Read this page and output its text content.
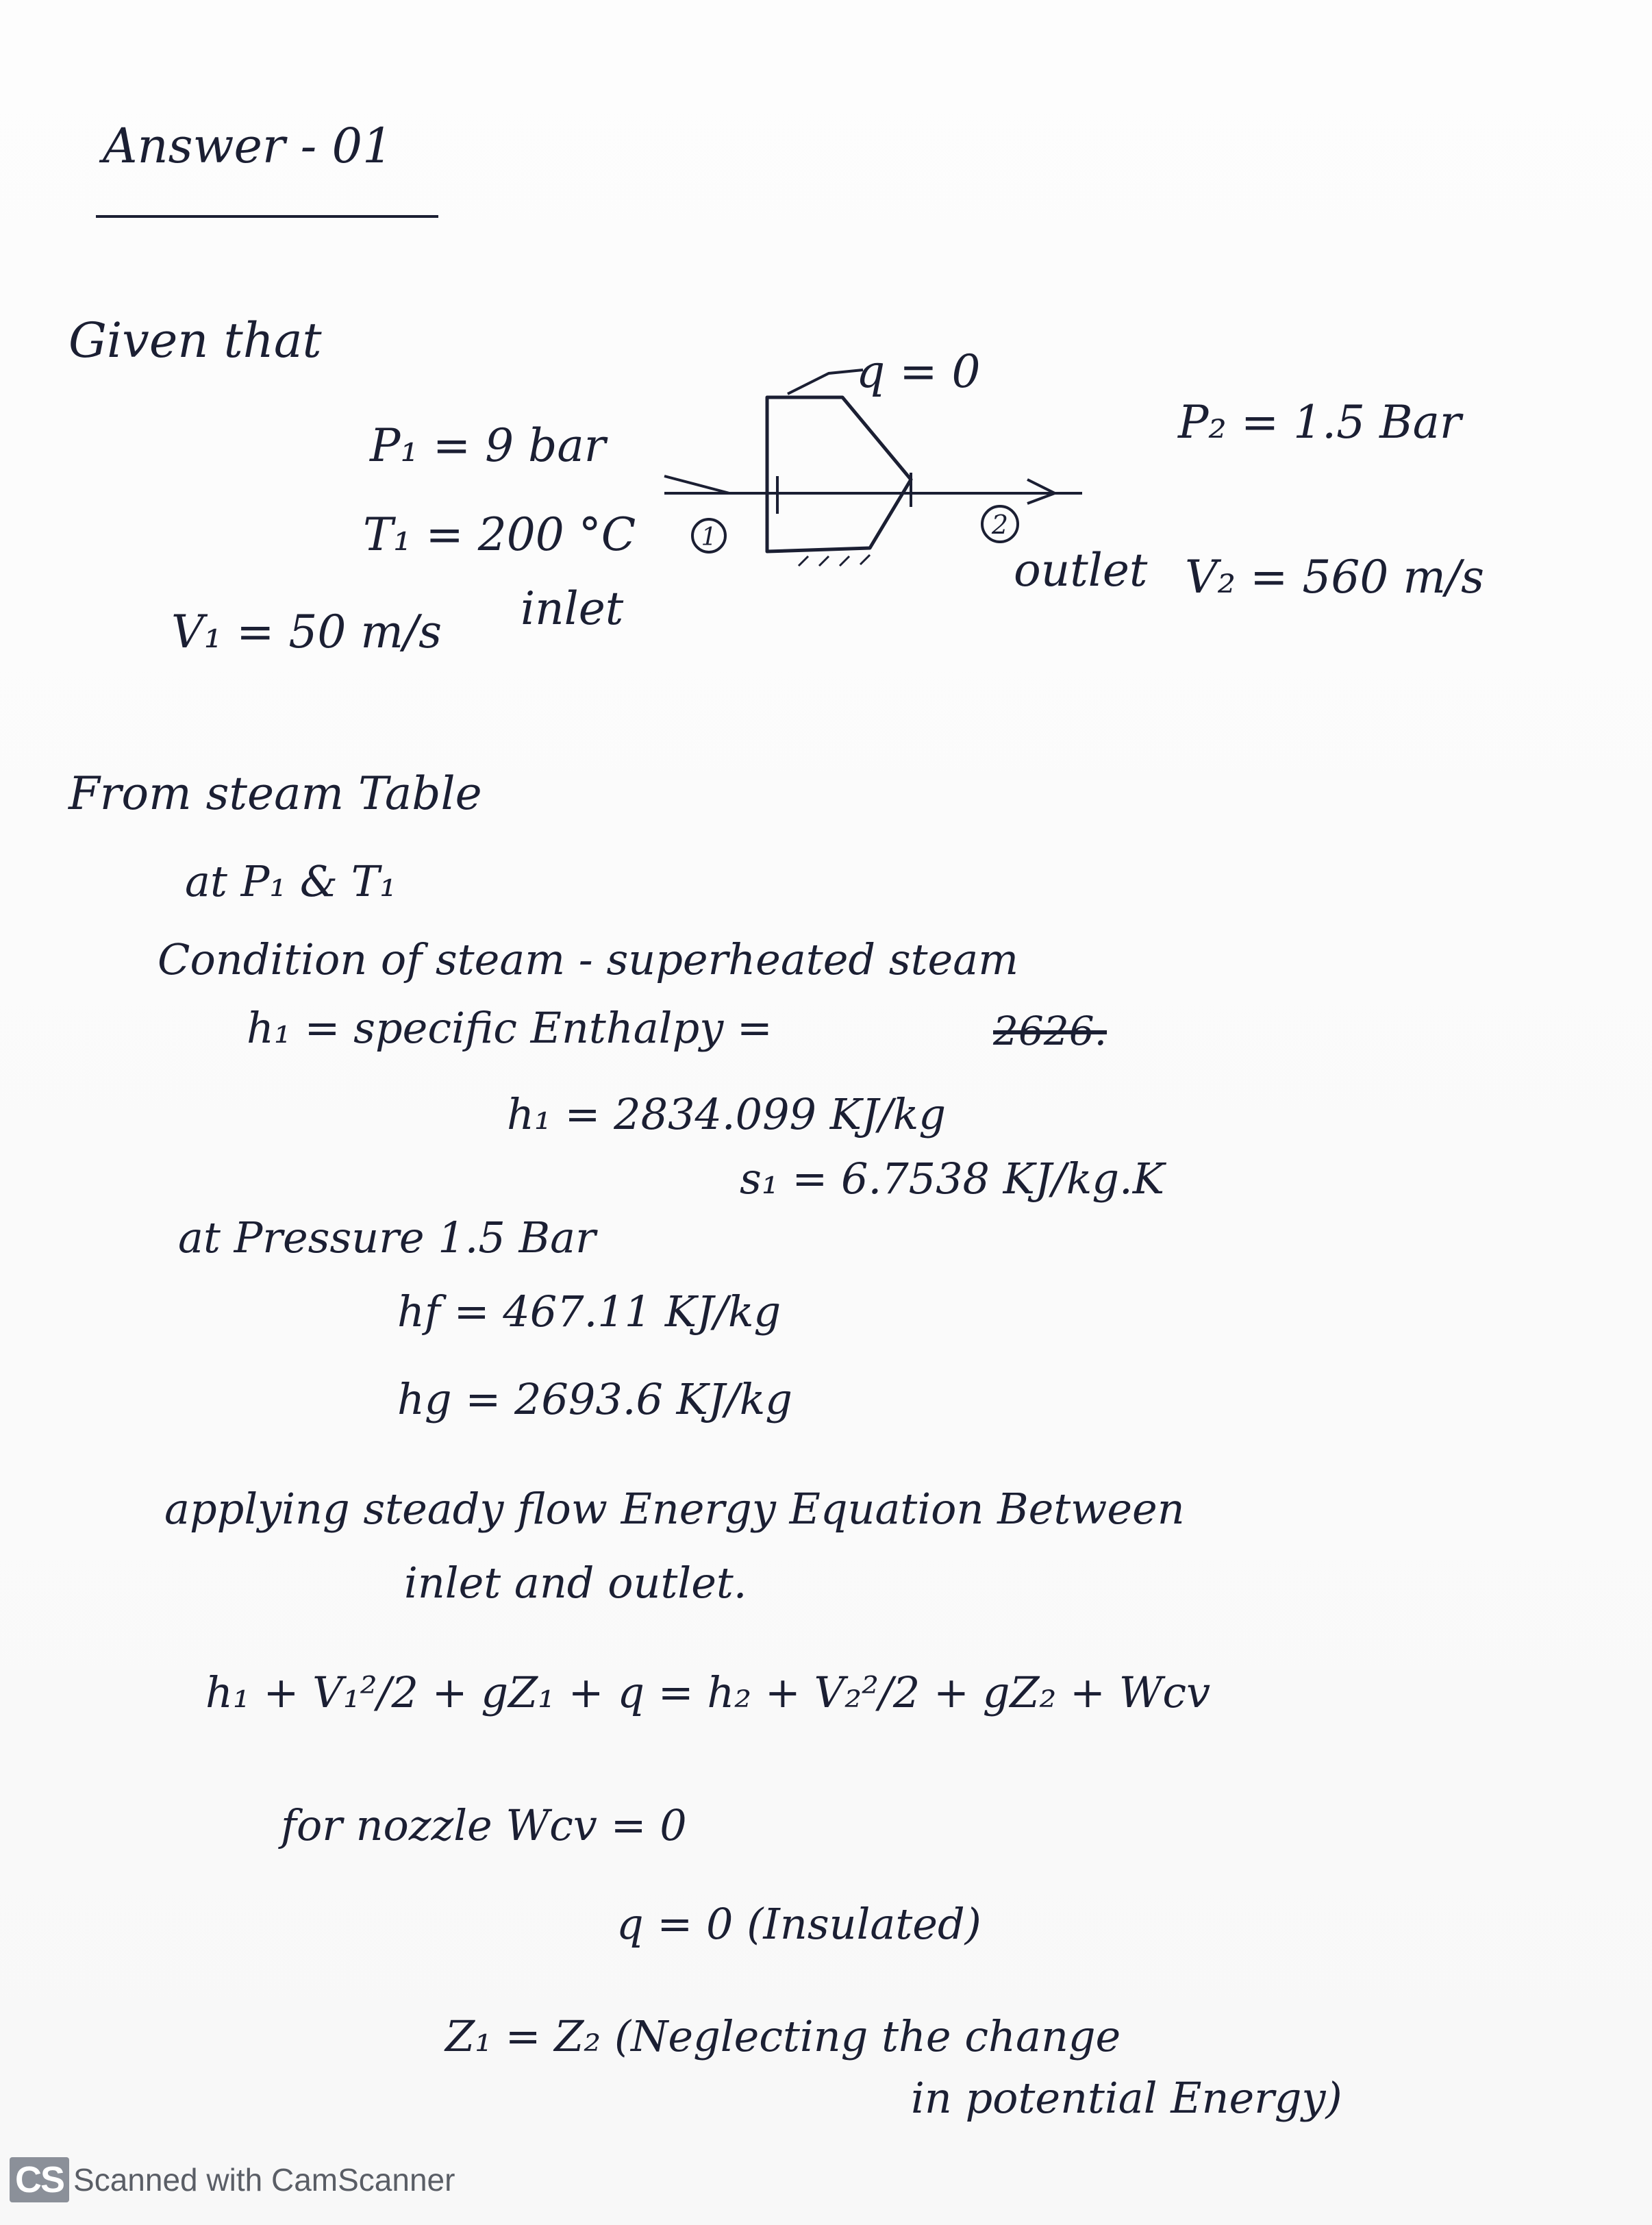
Answer - 01
Given that
P₁ = 9 bar
T₁ = 200 °C
V₁ = 50 m/s inlet
1	2
q = 0
P₂ = 1.5 Bar
outlet V₂ = 560 m/s
From steam Table
at P₁ & T₁
Condition of steam - superheated steam
h₁ = specific Enthalpy =	2626.
h₁ = 2834.099 KJ/kg
s₁ = 6.7538 KJ/kg.K
at Pressure 1.5 Bar
hf = 467.11 KJ/kg
hg = 2693.6 KJ/kg
applying steady flow Energy Equation Between
inlet and outlet.
h₁ + V₁²/2 + gZ₁ + q = h₂ + V₂²/2 + gZ₂ + Wcv
for nozzle Wcv = 0
q = 0 (Insulated)
Z₁ = Z₂ (Neglecting the change
in potential Energy)
CS Scanned with CamScanner
